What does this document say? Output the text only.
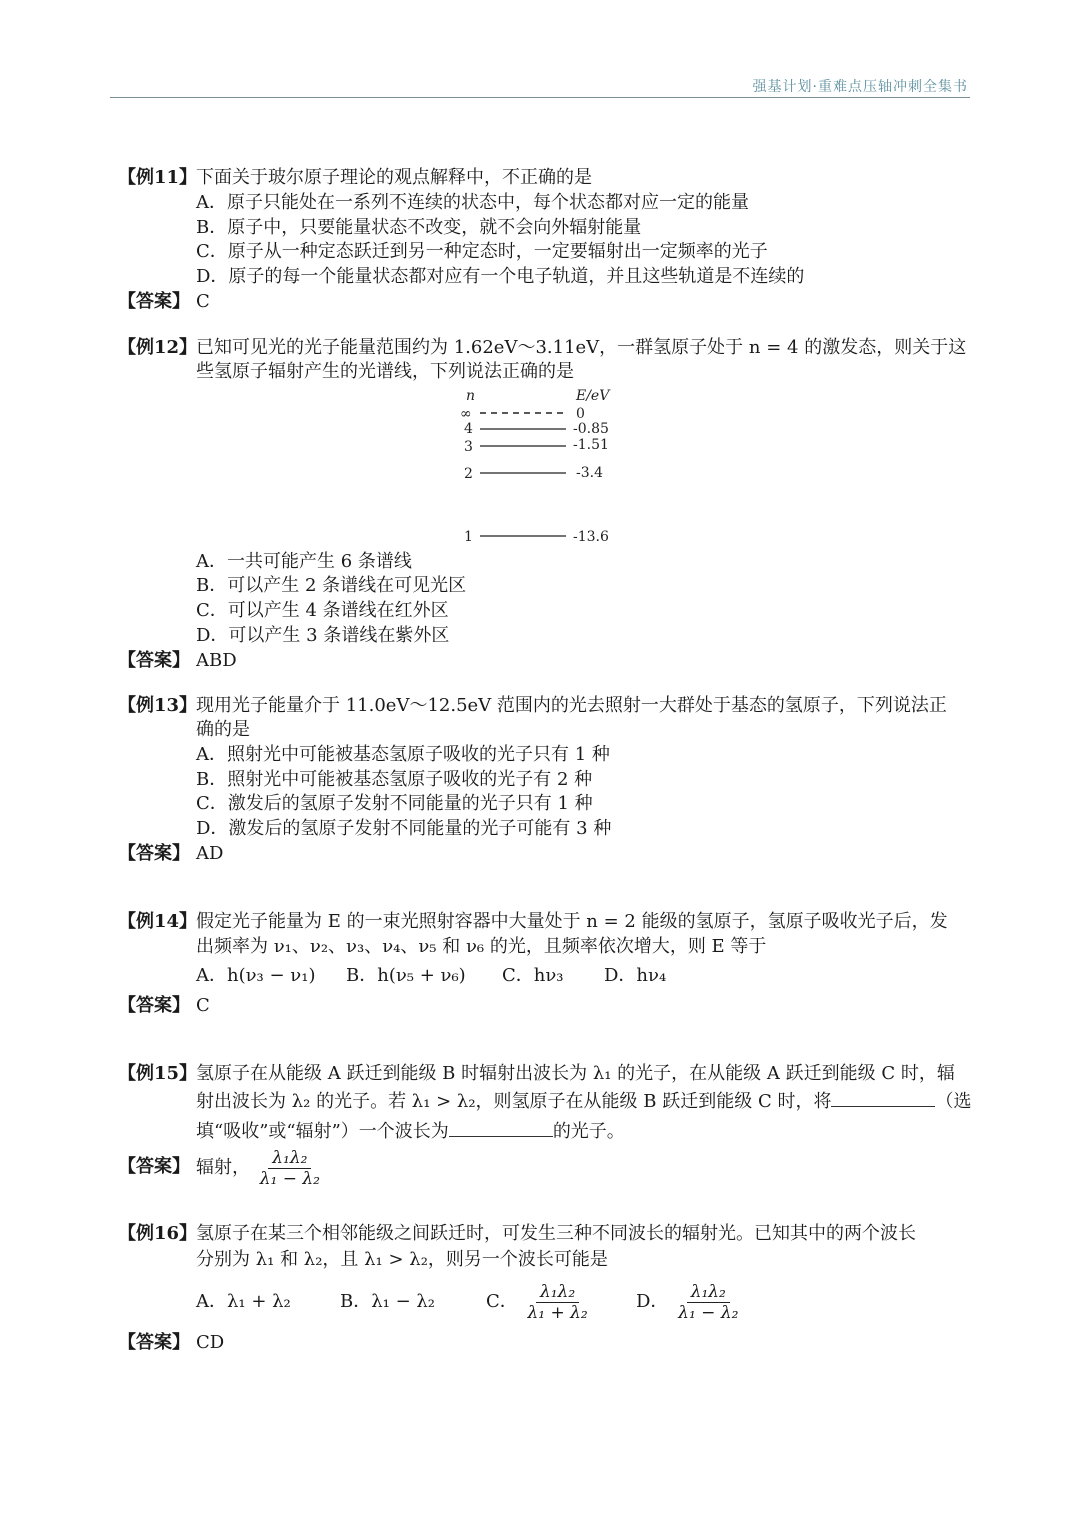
强基计划·重难点压轴冲刺全集书
【例11】
下面关于玻尔原子理论的观点解释中，不正确的是
A．原子只能处在一系列不连续的状态中，每个状态都对应一定的能量
B．原子中，只要能量状态不改变，就不会向外辐射能量
C．原子从一种定态跃迁到另一种定态时，一定要辐射出一定频率的光子
D．原子的每一个能量状态都对应有一个电子轨道，并且这些轨道是不连续的
【答案】 C
【例12】
已知可见光的光子能量范围约为 1.62eV～3.11eV，一群氢原子处于 n = 4 的激发态，则关于这
些氢原子辐射产生的光谱线，下列说法正确的是
n	E/eV
∞	0
4	-0.85
3	-1.51
2	-3.4
1	-13.6
A．一共可能产生 6 条谱线
B．可以产生 2 条谱线在可见光区
C．可以产生 4 条谱线在红外区
D．可以产生 3 条谱线在紫外区
【答案】 ABD
【例13】
现用光子能量介于 11.0eV～12.5eV 范围内的光去照射一大群处于基态的氢原子，下列说法正
确的是
A．照射光中可能被基态氢原子吸收的光子只有 1 种
B．照射光中可能被基态氢原子吸收的光子有 2 种
C．激发后的氢原子发射不同能量的光子只有 1 种
D．激发后的氢原子发射不同能量的光子可能有 3 种
【答案】 AD
【例14】
假定光子能量为 E 的一束光照射容器中大量处于 n = 2 能级的氢原子，氢原子吸收光子后，发
出频率为 ν₁、ν₂、ν₃、ν₄、ν₅ 和 ν₆ 的光，且频率依次增大，则 E 等于
A．h(ν₃ − ν₁) B．h(ν₅ + ν₆) C．hν₃ D．hν₄
【答案】 C
【例15】
氢原子在从能级 A 跃迁到能级 B 时辐射出波长为 λ₁ 的光子，在从能级 A 跃迁到能级 C 时，辐
射出波长为 λ₂ 的光子。若 λ₁ > λ₂，则氢原子在从能级 B 跃迁到能级 C 时，将	（选
填“吸收”或“辐射”）一个波长为	的光子。
【答案】 辐射， $\frac{\text{λ₁λ₂}}{\text{λ₁ − λ₂}}$
【例16】
氢原子在某三个相邻能级之间跃迁时，可发生三种不同波长的辐射光。已知其中的两个波长
分别为 λ₁ 和 λ₂，且 λ₁ > λ₂，则另一个波长可能是
A．λ₁ + λ₂	B．λ₁ − λ₂	C． $\frac{\text{λ₁λ₂}}{\text{λ₁ + λ₂}}$ D． $\frac{\text{λ₁λ₂}}{\text{λ₁ − λ₂}}$
【答案】 CD
